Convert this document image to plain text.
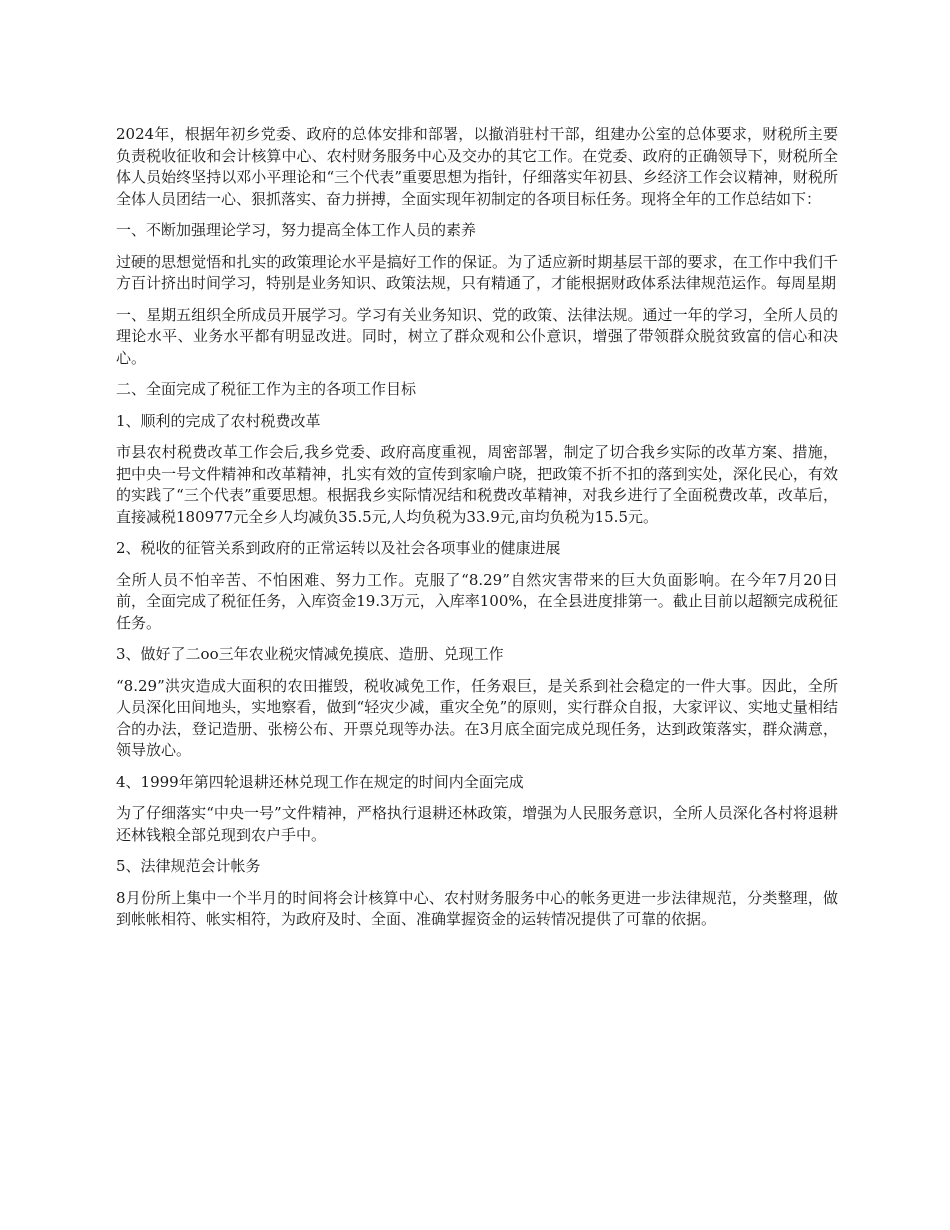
2024年，根据年初乡党委、政府的总体安排和部署，以撤消驻村干部，组建办公室的总体要求，财税所主要负责税收征收和会计核算中心、农村财务服务中心及交办的其它工作。在党委、政府的正确领导下，财税所全体人员始终坚持以邓小平理论和“三个代表”重要思想为指针，仔细落实年初县、乡经济工作会议精神，财税所全体人员团结一心、狠抓落实、奋力拼搏，全面实现年初制定的各项目标任务。现将全年的工作总结如下：

一、不断加强理论学习，努力提高全体工作人员的素养

过硬的思想觉悟和扎实的政策理论水平是搞好工作的保证。为了适应新时期基层干部的要求，在工作中我们千方百计挤出时间学习，特别是业务知识、政策法规，只有精通了，才能根据财政体系法律规范运作。每周星期

一、星期五组织全所成员开展学习。学习有关业务知识、党的政策、法律法规。通过一年的学习，全所人员的理论水平、业务水平都有明显改进。同时，树立了群众观和公仆意识，增强了带领群众脱贫致富的信心和决心。

二、全面完成了税征工作为主的各项工作目标

1、顺利的完成了农村税费改革

市县农村税费改革工作会后,我乡党委、政府高度重视，周密部署，制定了切合我乡实际的改革方案、措施，把中央一号文件精神和改革精神，扎实有效的宣传到家喻户晓，把政策不折不扣的落到实处，深化民心，有效的实践了“三个代表”重要思想。根据我乡实际情况结和税费改革精神，对我乡进行了全面税费改革，改革后，直接减税180977元全乡人均减负35.5元,人均负税为33.9元,亩均负税为15.5元。

2、税收的征管关系到政府的正常运转以及社会各项事业的健康进展

全所人员不怕辛苦、不怕困难、努力工作。克服了“8.29”自然灾害带来的巨大负面影响。在今年7月20日前，全面完成了税征任务，入库资金19.3万元，入库率100%，在全县进度排第一。截止目前以超额完成税征任务。

3、做好了二oo三年农业税灾情减免摸底、造册、兑现工作

“8.29”洪灾造成大面积的农田摧毁，税收减免工作，任务艰巨，是关系到社会稳定的一件大事。因此，全所人员深化田间地头，实地察看，做到“轻灾少减，重灾全免”的原则，实行群众自报，大家评议、实地丈量相结合的办法，登记造册、张榜公布、开票兑现等办法。在3月底全面完成兑现任务，达到政策落实，群众满意，领导放心。

4、1999年第四轮退耕还林兑现工作在规定的时间内全面完成

为了仔细落实“中央一号”文件精神，严格执行退耕还林政策，增强为人民服务意识，全所人员深化各村将退耕还林钱粮全部兑现到农户手中。

5、法律规范会计帐务

8月份所上集中一个半月的时间将会计核算中心、农村财务服务中心的帐务更进一步法律规范，分类整理，做到帐帐相符、帐实相符，为政府及时、全面、准确掌握资金的运转情况提供了可靠的依据。
